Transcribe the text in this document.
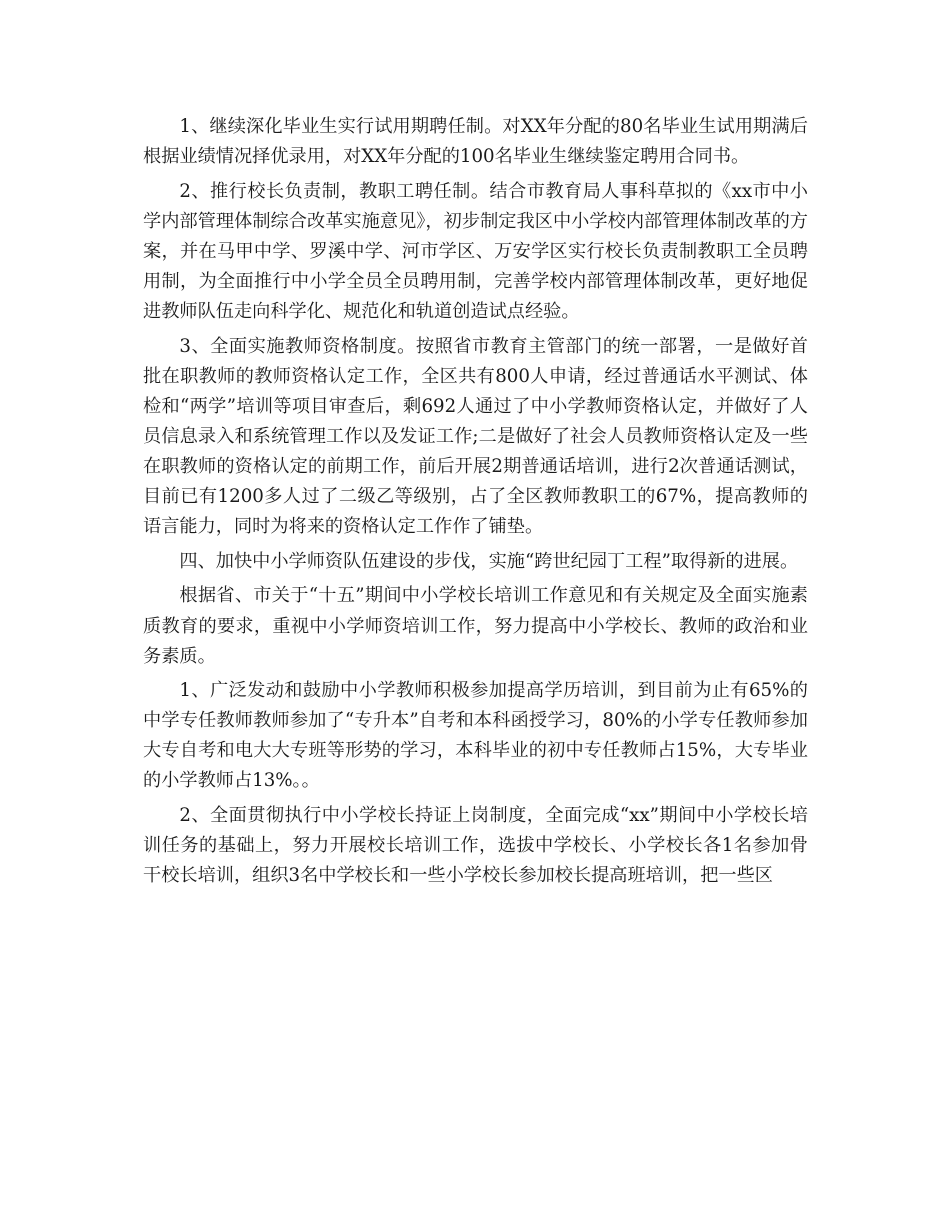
1、继续深化毕业生实行试用期聘任制。对XX年分配的80名毕业生试用期满后根据业绩情况择优录用，对XX年分配的100名毕业生继续鉴定聘用合同书。

2、推行校长负责制，教职工聘任制。结合市教育局人事科草拟的《xx市中小学内部管理体制综合改革实施意见》，初步制定我区中小学校内部管理体制改革的方案，并在马甲中学、罗溪中学、河市学区、万安学区实行校长负责制教职工全员聘用制，为全面推行中小学全员全员聘用制，完善学校内部管理体制改革，更好地促进教师队伍走向科学化、规范化和轨道创造试点经验。

3、全面实施教师资格制度。按照省市教育主管部门的统一部署，一是做好首批在职教师的教师资格认定工作，全区共有800人申请，经过普通话水平测试、体检和“两学”培训等项目审查后，剩692人通过了中小学教师资格认定，并做好了人员信息录入和系统管理工作以及发证工作;二是做好了社会人员教师资格认定及一些在职教师的资格认定的前期工作，前后开展2期普通话培训，进行2次普通话测试，目前已有1200多人过了二级乙等级别，占了全区教师教职工的67%，提高教师的语言能力，同时为将来的资格认定工作作了铺垫。

四、加快中小学师资队伍建设的步伐，实施“跨世纪园丁工程”取得新的进展。

根据省、市关于“十五”期间中小学校长培训工作意见和有关规定及全面实施素质教育的要求，重视中小学师资培训工作，努力提高中小学校长、教师的政治和业务素质。

1、广泛发动和鼓励中小学教师积极参加提高学历培训，到目前为止有65%的中学专任教师教师参加了“专升本”自考和本科函授学习，80%的小学专任教师参加大专自考和电大大专班等形势的学习，本科毕业的初中专任教师占15%，大专毕业的小学教师占13%。。

2、全面贯彻执行中小学校长持证上岗制度，全面完成“xx”期间中小学校长培训任务的基础上，努力开展校长培训工作，选拔中学校长、小学校长各1名参加骨干校长培训，组织3名中学校长和一些小学校长参加校长提高班培训，把一些区
